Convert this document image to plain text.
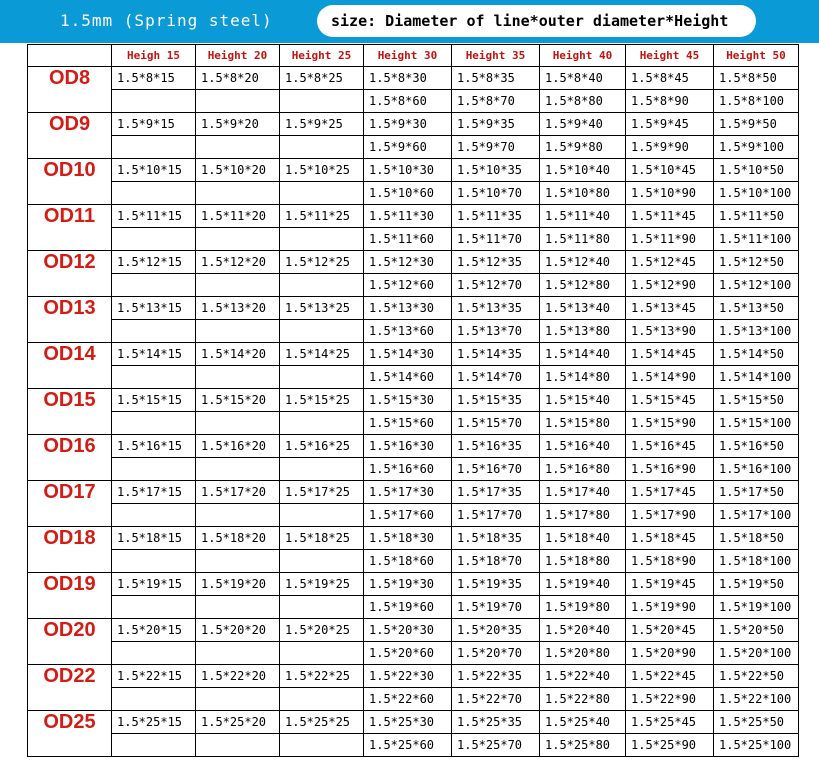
1.5mm (Spring steel)	size: Diameter of line*outer diameter*Height
	Heigh 15	Height 20	Height 25	Height 30	Height 35	Height 40	Height 45	Height 50
OD8	1.5*8*15	1.5*8*20	1.5*8*25	1.5*8*30	1.5*8*35	1.5*8*40	1.5*8*45	1.5*8*50
				1.5*8*60	1.5*8*70	1.5*8*80	1.5*8*90	1.5*8*100
OD9	1.5*9*15	1.5*9*20	1.5*9*25	1.5*9*30	1.5*9*35	1.5*9*40	1.5*9*45	1.5*9*50
				1.5*9*60	1.5*9*70	1.5*9*80	1.5*9*90	1.5*9*100
OD10	1.5*10*15	1.5*10*20	1.5*10*25	1.5*10*30	1.5*10*35	1.5*10*40	1.5*10*45	1.5*10*50
				1.5*10*60	1.5*10*70	1.5*10*80	1.5*10*90	1.5*10*100
OD11	1.5*11*15	1.5*11*20	1.5*11*25	1.5*11*30	1.5*11*35	1.5*11*40	1.5*11*45	1.5*11*50
				1.5*11*60	1.5*11*70	1.5*11*80	1.5*11*90	1.5*11*100
OD12	1.5*12*15	1.5*12*20	1.5*12*25	1.5*12*30	1.5*12*35	1.5*12*40	1.5*12*45	1.5*12*50
				1.5*12*60	1.5*12*70	1.5*12*80	1.5*12*90	1.5*12*100
OD13	1.5*13*15	1.5*13*20	1.5*13*25	1.5*13*30	1.5*13*35	1.5*13*40	1.5*13*45	1.5*13*50
				1.5*13*60	1.5*13*70	1.5*13*80	1.5*13*90	1.5*13*100
OD14	1.5*14*15	1.5*14*20	1.5*14*25	1.5*14*30	1.5*14*35	1.5*14*40	1.5*14*45	1.5*14*50
				1.5*14*60	1.5*14*70	1.5*14*80	1.5*14*90	1.5*14*100
OD15	1.5*15*15	1.5*15*20	1.5*15*25	1.5*15*30	1.5*15*35	1.5*15*40	1.5*15*45	1.5*15*50
				1.5*15*60	1.5*15*70	1.5*15*80	1.5*15*90	1.5*15*100
OD16	1.5*16*15	1.5*16*20	1.5*16*25	1.5*16*30	1.5*16*35	1.5*16*40	1.5*16*45	1.5*16*50
				1.5*16*60	1.5*16*70	1.5*16*80	1.5*16*90	1.5*16*100
OD17	1.5*17*15	1.5*17*20	1.5*17*25	1.5*17*30	1.5*17*35	1.5*17*40	1.5*17*45	1.5*17*50
				1.5*17*60	1.5*17*70	1.5*17*80	1.5*17*90	1.5*17*100
OD18	1.5*18*15	1.5*18*20	1.5*18*25	1.5*18*30	1.5*18*35	1.5*18*40	1.5*18*45	1.5*18*50
				1.5*18*60	1.5*18*70	1.5*18*80	1.5*18*90	1.5*18*100
OD19	1.5*19*15	1.5*19*20	1.5*19*25	1.5*19*30	1.5*19*35	1.5*19*40	1.5*19*45	1.5*19*50
				1.5*19*60	1.5*19*70	1.5*19*80	1.5*19*90	1.5*19*100
OD20	1.5*20*15	1.5*20*20	1.5*20*25	1.5*20*30	1.5*20*35	1.5*20*40	1.5*20*45	1.5*20*50
				1.5*20*60	1.5*20*70	1.5*20*80	1.5*20*90	1.5*20*100
OD22	1.5*22*15	1.5*22*20	1.5*22*25	1.5*22*30	1.5*22*35	1.5*22*40	1.5*22*45	1.5*22*50
				1.5*22*60	1.5*22*70	1.5*22*80	1.5*22*90	1.5*22*100
OD25	1.5*25*15	1.5*25*20	1.5*25*25	1.5*25*30	1.5*25*35	1.5*25*40	1.5*25*45	1.5*25*50
				1.5*25*60	1.5*25*70	1.5*25*80	1.5*25*90	1.5*25*100
